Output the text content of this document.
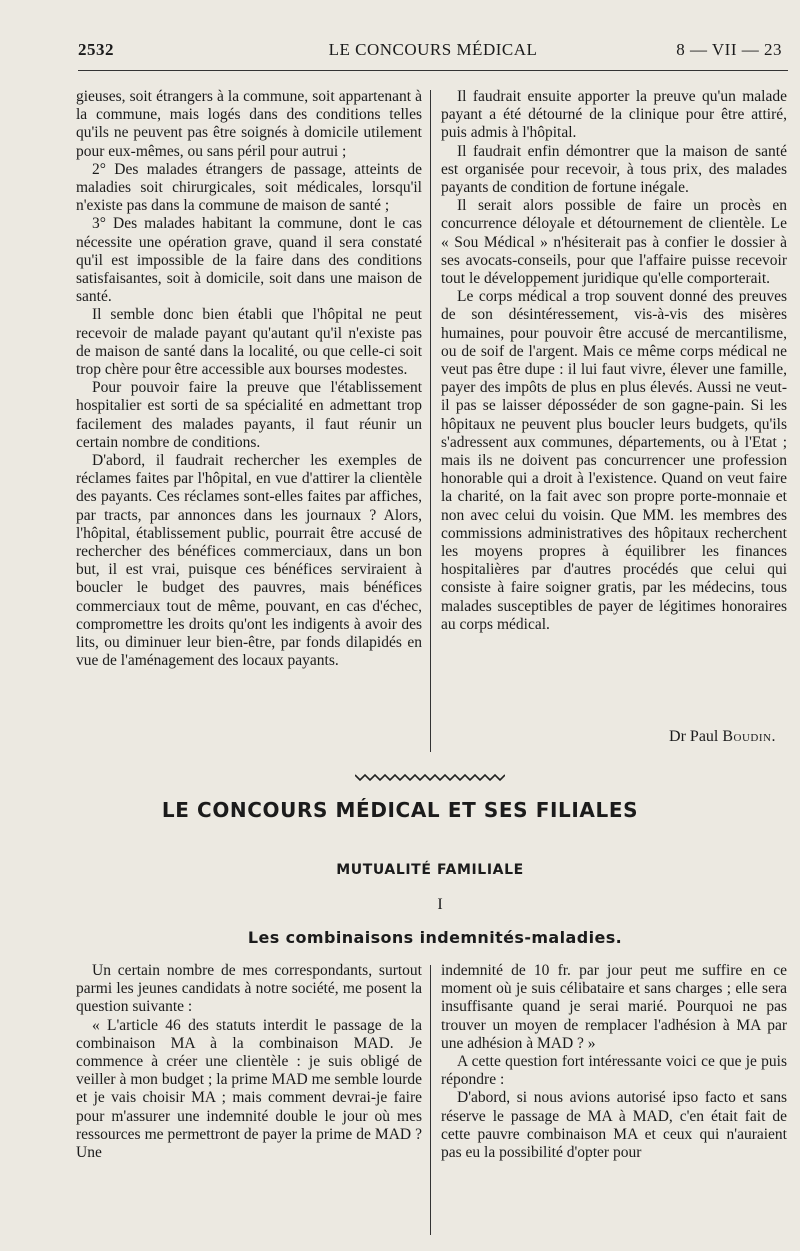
2532	LE CONCOURS MÉDICAL	8 — VII — 23

gieuses, soit étrangers à la commune, soit appartenant à la commune, mais logés dans des conditions telles qu'ils ne peuvent pas être soignés à domicile utilement pour eux-mêmes, ou sans péril pour autrui ;

2° Des malades étrangers de passage, atteints de maladies soit chirurgicales, soit médicales, lorsqu'il n'existe pas dans la commune de maison de santé ;

3° Des malades habitant la commune, dont le cas nécessite une opération grave, quand il sera constaté qu'il est impossible de la faire dans des conditions satisfaisantes, soit à domicile, soit dans une maison de santé.

Il semble donc bien établi que l'hôpital ne peut recevoir de malade payant qu'autant qu'il n'existe pas de maison de santé dans la localité, ou que celle-ci soit trop chère pour être accessible aux bourses modestes.

Pour pouvoir faire la preuve que l'établissement hospitalier est sorti de sa spécialité en admettant trop facilement des malades payants, il faut réunir un certain nombre de conditions.

D'abord, il faudrait rechercher les exemples de réclames faites par l'hôpital, en vue d'attirer la clientèle des payants. Ces réclames sont-elles faites par affiches, par tracts, par annonces dans les journaux ? Alors, l'hôpital, établissement public, pourrait être accusé de rechercher des bénéfices commerciaux, dans un bon but, il est vrai, puisque ces bénéfices serviraient à boucler le budget des pauvres, mais bénéfices commerciaux tout de même, pouvant, en cas d'échec, compromettre les droits qu'ont les indigents à avoir des lits, ou diminuer leur bien-être, par fonds dilapidés en vue de l'aménagement des locaux payants.

Il faudrait ensuite apporter la preuve qu'un malade payant a été détourné de la clinique pour être attiré, puis admis à l'hôpital.

Il faudrait enfin démontrer que la maison de santé est organisée pour recevoir, à tous prix, des malades payants de condition de fortune inégale.

Il serait alors possible de faire un procès en concurrence déloyale et détournement de clientèle. Le « Sou Médical » n'hésiterait pas à confier le dossier à ses avocats-conseils, pour que l'affaire puisse recevoir tout le développement juridique qu'elle comporterait.

Le corps médical a trop souvent donné des preuves de son désintéressement, vis-à-vis des misères humaines, pour pouvoir être accusé de mercantilisme, ou de soif de l'argent. Mais ce même corps médical ne veut pas être dupe : il lui faut vivre, élever une famille, payer des impôts de plus en plus élevés. Aussi ne veut-il pas se laisser déposséder de son gagne-pain. Si les hôpitaux ne peuvent plus boucler leurs budgets, qu'ils s'adressent aux communes, départements, ou à l'Etat ; mais ils ne doivent pas concurrencer une profession honorable qui a droit à l'existence. Quand on veut faire la charité, on la fait avec son propre porte-monnaie et non avec celui du voisin. Que MM. les membres des commissions administratives des hôpitaux recherchent les moyens propres à équilibrer les finances hospitalières par d'autres procédés que celui qui consiste à faire soigner gratis, par les médecins, tous malades susceptibles de payer de légitimes honoraires au corps médical.

Dr Paul Boudin.
LE CONCOURS MÉDICAL ET SES FILIALES
MUTUALITÉ FAMILIALE
I
Les combinaisons indemnités-maladies.

Un certain nombre de mes correspondants, surtout parmi les jeunes candidats à notre société, me posent la question suivante :

« L'article 46 des statuts interdit le passage de la combinaison MA à la combinaison MAD. Je commence à créer une clientèle : je suis obligé de veiller à mon budget ; la prime MAD me semble lourde et je vais choisir MA ; mais comment devrai-je faire pour m'assurer une indemnité double le jour où mes ressources me permettront de payer la prime de MAD ? Une

indemnité de 10 fr. par jour peut me suffire en ce moment où je suis célibataire et sans charges ; elle sera insuffisante quand je serai marié. Pourquoi ne pas trouver un moyen de remplacer l'adhésion à MA par une adhésion à MAD ? »

A cette question fort intéressante voici ce que je puis répondre :

D'abord, si nous avions autorisé ipso facto et sans réserve le passage de MA à MAD, c'en était fait de cette pauvre combinaison MA et ceux qui n'auraient pas eu la possibilité d'opter pour
